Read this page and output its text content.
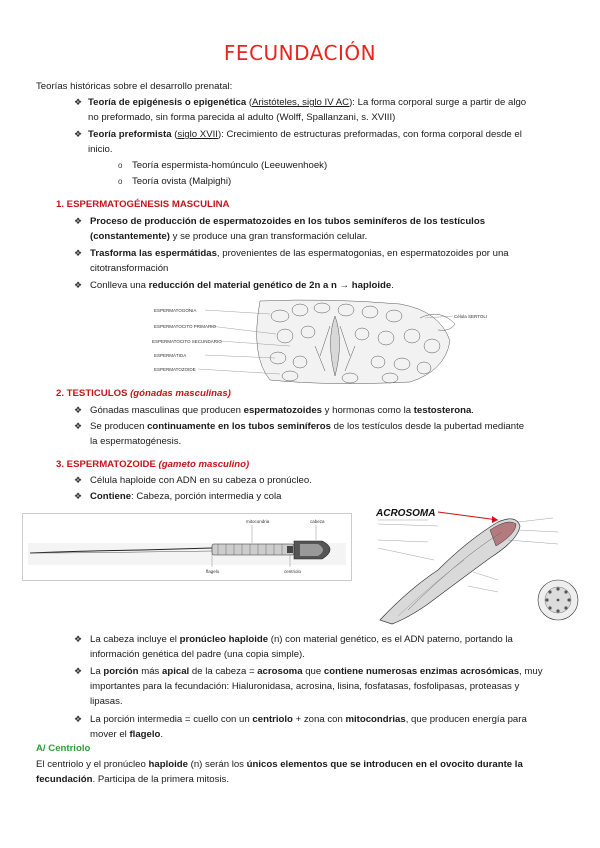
FECUNDACIÓN
Teorías históricas sobre el desarrollo prenatal:
❖ Teoría de epigénesis o epigenética (Aristóteles, siglo IV AC): La forma corporal surge a partir de algo
no preformado, sin forma parecida al adulto (Wolff, Spallanzani, s. XVIII)
❖ Teoría preformista (siglo XVII): Crecimiento de estructuras preformadas, con forma corporal desde el
inicio.
o Teoría espermista-homúnculo (Leeuwenhoek)
o Teoría ovista (Malpighi)
1. ESPERMATOGÉNESIS MASCULINA
❖ Proceso de producción de espermatozoides en los tubos seminíferos de los testículos
(constantemente) y se produce una gran transformación celular.
❖ Trasforma las espermátidas, provenientes de las espermatogonias, en espermatozoides por una
citotransformación
❖ Conlleva una reducción del material genético de 2n a n → haploide.
ESPERMATOGONIA
ESPERMATOCITO PRIMARIO
ESPERMATOCITO SECUNDARIO
ESPERMÁTIDA
ESPERMATOZOIDE
Célula SERTOLI
2. TESTICULOS (gónadas masculinas)
❖ Gónadas masculinas que producen espermatozoides y hormonas como la testosterona.
❖ Se producen continuamente en los tubos seminíferos de los testículos desde la pubertad mediante
la espermatogénesis.
3. ESPERMATOZOIDE (gameto masculino)
❖ Célula haploide con ADN en su cabeza o pronúcleo.
❖ Contiene: Cabeza, porción intermedia y cola
mitocondria	cabeza
flagelo	centriolo
ACROSOMA
❖ La cabeza incluye el pronúcleo haploide (n) con material genético, es el ADN paterno, portando la
información genética del padre (una copia simple).
❖ La porción más apical de la cabeza = acrosoma que contiene numerosas enzimas acrosómicas, muy
importantes para la fecundación: Hialuronidasa, acrosina, lisina, fosfatasas, fosfolipasas, proteasas y
lipasas.
❖ La porción intermedia = cuello con un centriolo + zona con mitocondrias, que producen energía para
mover el flagelo.
A/ Centriolo
El centriolo y el pronúcleo haploide (n) serán los únicos elementos que se introducen en el ovocito durante la
fecundación. Participa de la primera mitosis.
